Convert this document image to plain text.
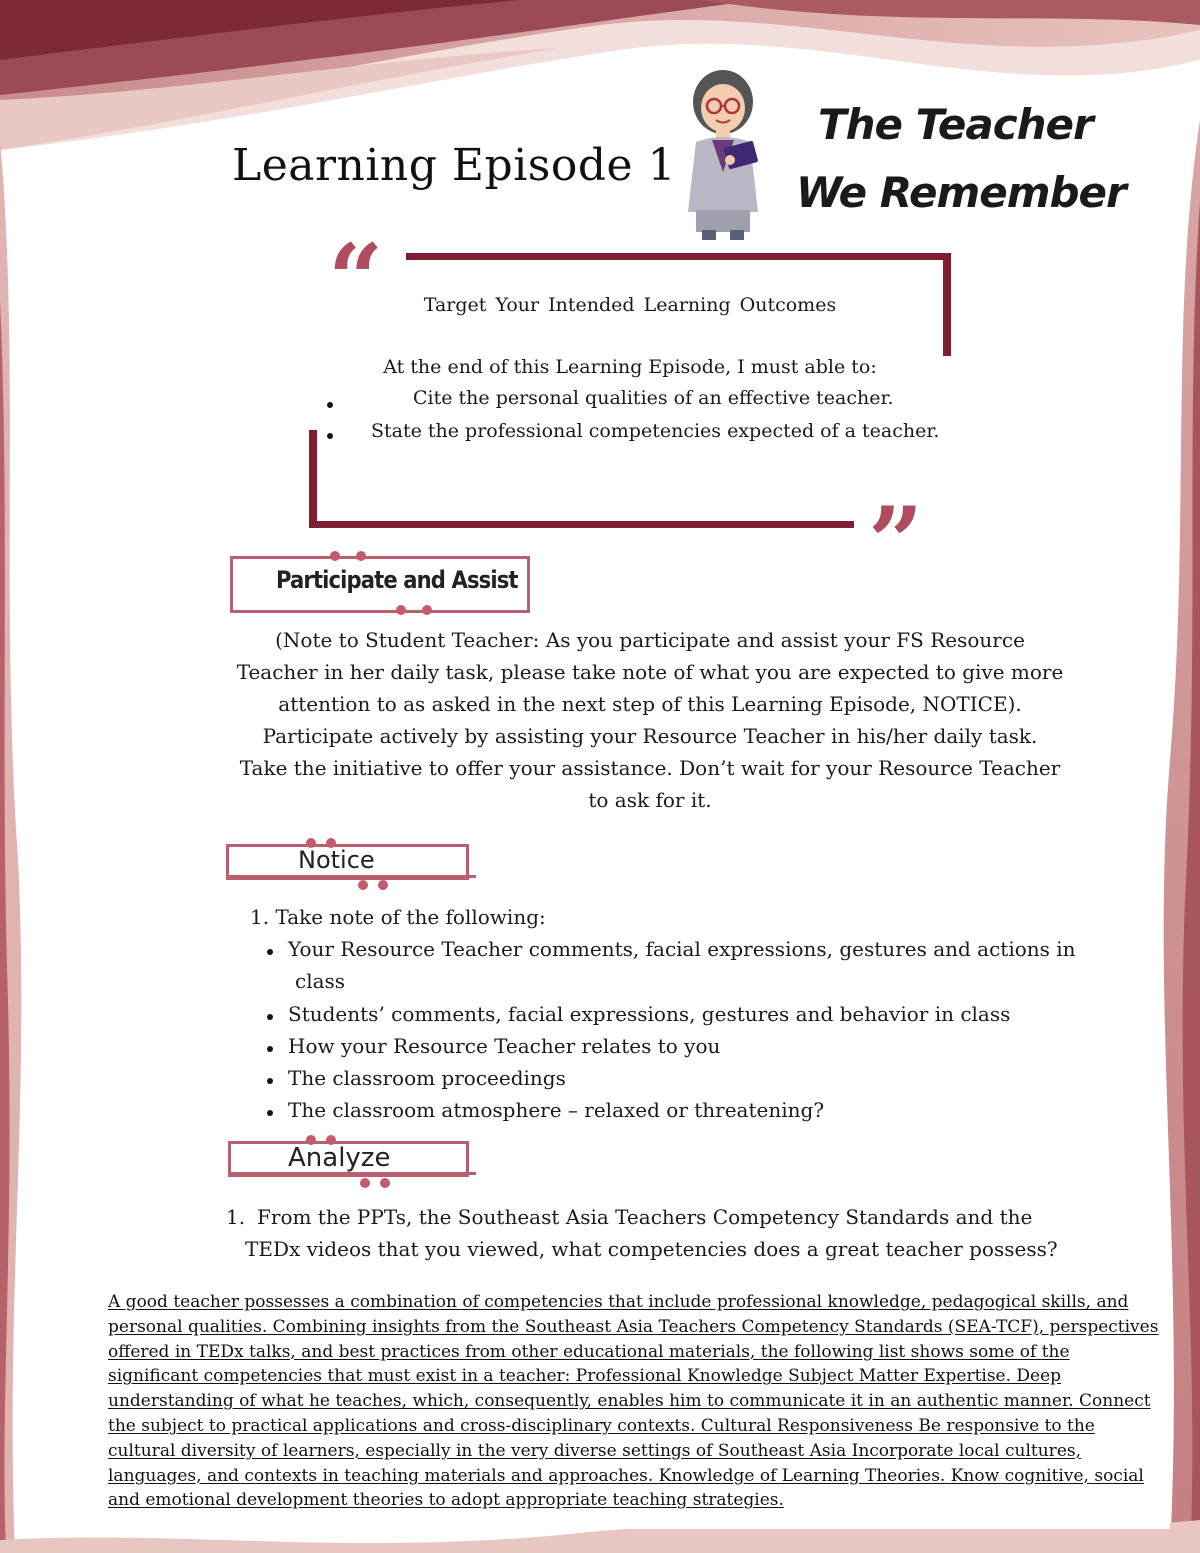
Learning Episode 1
The Teacher
We Remember
“
”
Target Your Intended Learning Outcomes
At the end of this Learning Episode, I must able to:
Cite the personal qualities of an effective teacher.
State the professional competencies expected of a teacher.
Participate and Assist
(Note to Student Teacher: As you participate and assist your FS Resource
Teacher in her daily task, please take note of what you are expected to give more
attention to as asked in the next step of this Learning Episode, NOTICE).
Participate actively by assisting your Resource Teacher in his/her daily task.
Take the initiative to offer your assistance. Don’t wait for your Resource Teacher
to ask for it.
Notice
1. Take note of the following:
Your Resource Teacher comments, facial expressions, gestures and actions in
class
Students’ comments, facial expressions, gestures and behavior in class
How your Resource Teacher relates to you
The classroom proceedings
The classroom atmosphere – relaxed or threatening?
Analyze
1. From the PPTs, the Southeast Asia Teachers Competency Standards and the
TEDx videos that you viewed, what competencies does a great teacher possess?
A good teacher possesses a combination of competencies that include professional knowledge, pedagogical skills, and personal qualities. Combining insights from the Southeast Asia Teachers Competency Standards (SEA-TCF), perspectives offered in TEDx talks, and best practices from other educational materials, the following list shows some of the significant competencies that must exist in a teacher: Professional Knowledge Subject Matter Expertise. Deep understanding of what he teaches, which, consequently, enables him to communicate it in an authentic manner. Connect the subject to practical applications and cross-disciplinary contexts. Cultural Responsiveness Be responsive to the cultural diversity of learners, especially in the very diverse settings of Southeast Asia Incorporate local cultures, languages, and contexts in teaching materials and approaches. Knowledge of Learning Theories. Know cognitive, social and emotional development theories to adopt appropriate teaching strategies.
